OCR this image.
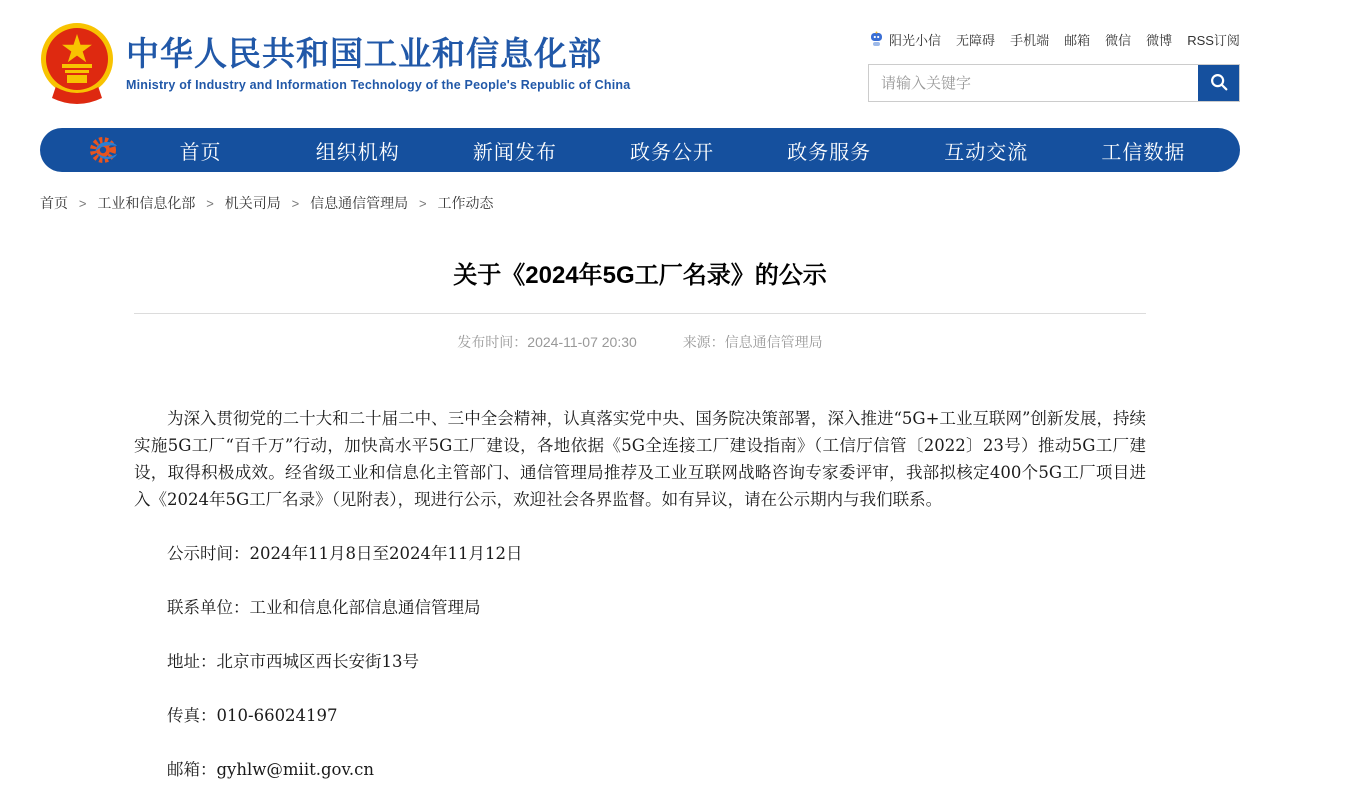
中华人民共和国工业和信息化部

Ministry of Industry and Information Technology of the People's Republic of China

阳光小信 无障碍 手机端 邮箱 微信 微博 RSS订阅
请输入关键字
首页	组织机构	新闻发布	政务公开	政务服务	互动交流	工信数据
首页 > 工业和信息化部 > 机关司局 > 信息通信管理局 > 工作动态
关于《2024年5G工厂名录》的公示
发布时间：2024-11-07 20:30	来源：信息通信管理局

为深入贯彻党的二十大和二十届二中、三中全会精神，认真落实党中央、国务院决策部署，深入推进“5G+工业互联网”创新发展，持续实施5G工厂“百千万”行动，加快高水平5G工厂建设，各地依据《5G全连接工厂建设指南》（工信厅信管〔2022〕23号）推动5G工厂建设，取得积极成效。经省级工业和信息化主管部门、通信管理局推荐及工业互联网战略咨询专家委评审，我部拟核定400个5G工厂项目进入《2024年5G工厂名录》（见附表），现进行公示，欢迎社会各界监督。如有异议，请在公示期内与我们联系。

公示时间：2024年11月8日至2024年11月12日

联系单位：工业和信息化部信息通信管理局

地址：北京市西城区西长安街13号

传真：010-66024197

邮箱：gyhlw@miit.gov.cn
